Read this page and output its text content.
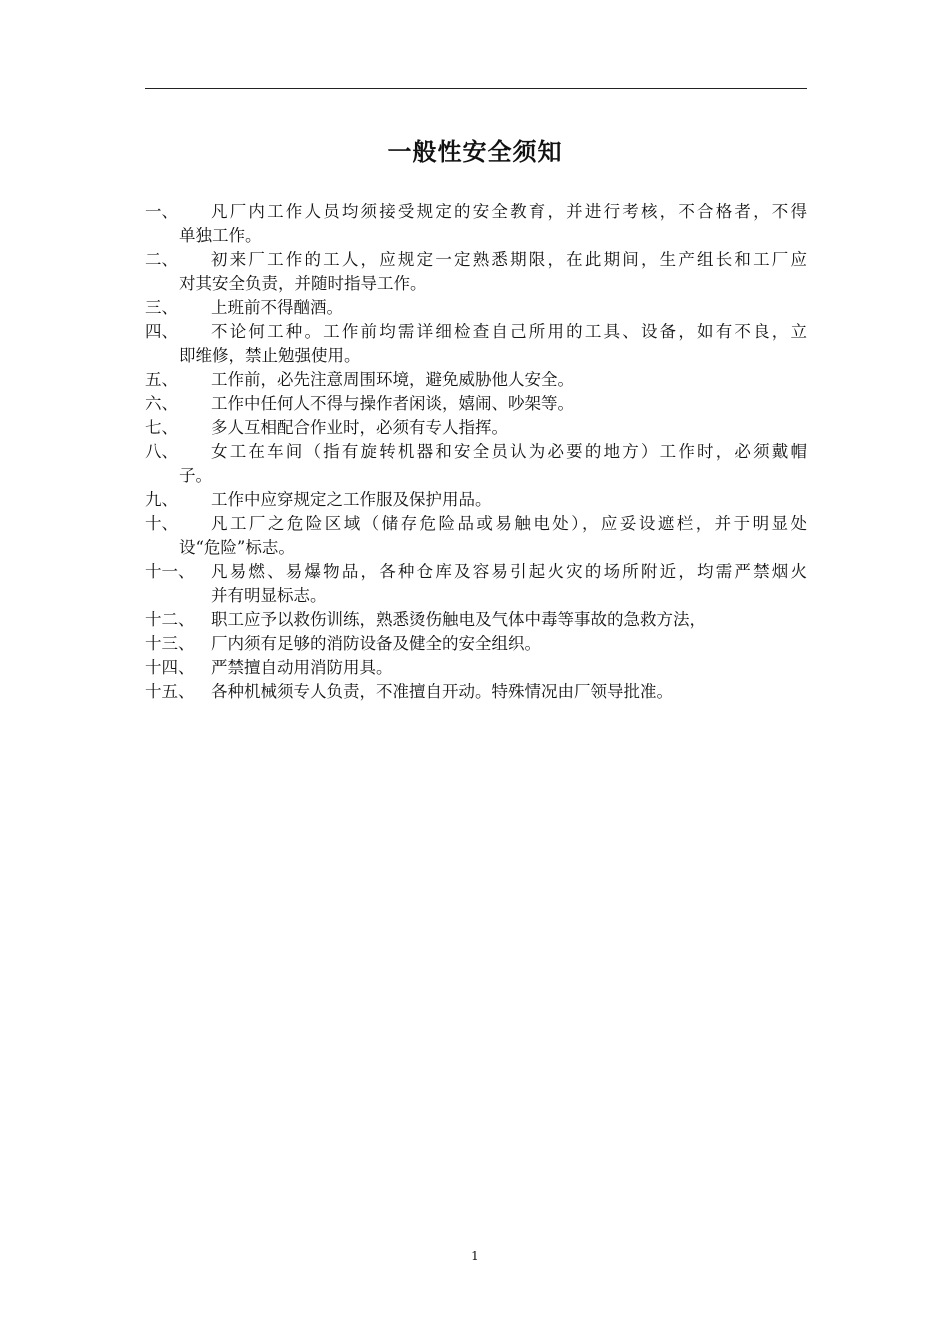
一般性安全须知
一、	凡厂内工作人员均须接受规定的安全教育，并进行考核，不合格者，不得
单独工作。
二、	初来厂工作的工人，应规定一定熟悉期限，在此期间，生产组长和工厂应
对其安全负责，并随时指导工作。
三、	上班前不得酗酒。
四、	不论何工种。工作前均需详细检查自己所用的工具、设备，如有不良，立
即维修，禁止勉强使用。
五、	工作前，必先注意周围环境，避免威胁他人安全。
六、	工作中任何人不得与操作者闲谈，嬉闹、吵架等。
七、	多人互相配合作业时，必须有专人指挥。
八、	女工在车间（指有旋转机器和安全员认为必要的地方）工作时，必须戴帽
子。
九、	工作中应穿规定之工作服及保护用品。
十、	凡工厂之危险区域（储存危险品或易触电处），应妥设遮栏，并于明显处
设“危险”标志。
十一、	凡易燃、易爆物品，各种仓库及容易引起火灾的场所附近，均需严禁烟火
并有明显标志。
十二、	职工应予以救伤训练，熟悉烫伤触电及气体中毒等事故的急救方法，
十三、	厂内须有足够的消防设备及健全的安全组织。
十四、	严禁擅自动用消防用具。
十五、	各种机械须专人负责，不准擅自开动。特殊情况由厂领导批准。
1
